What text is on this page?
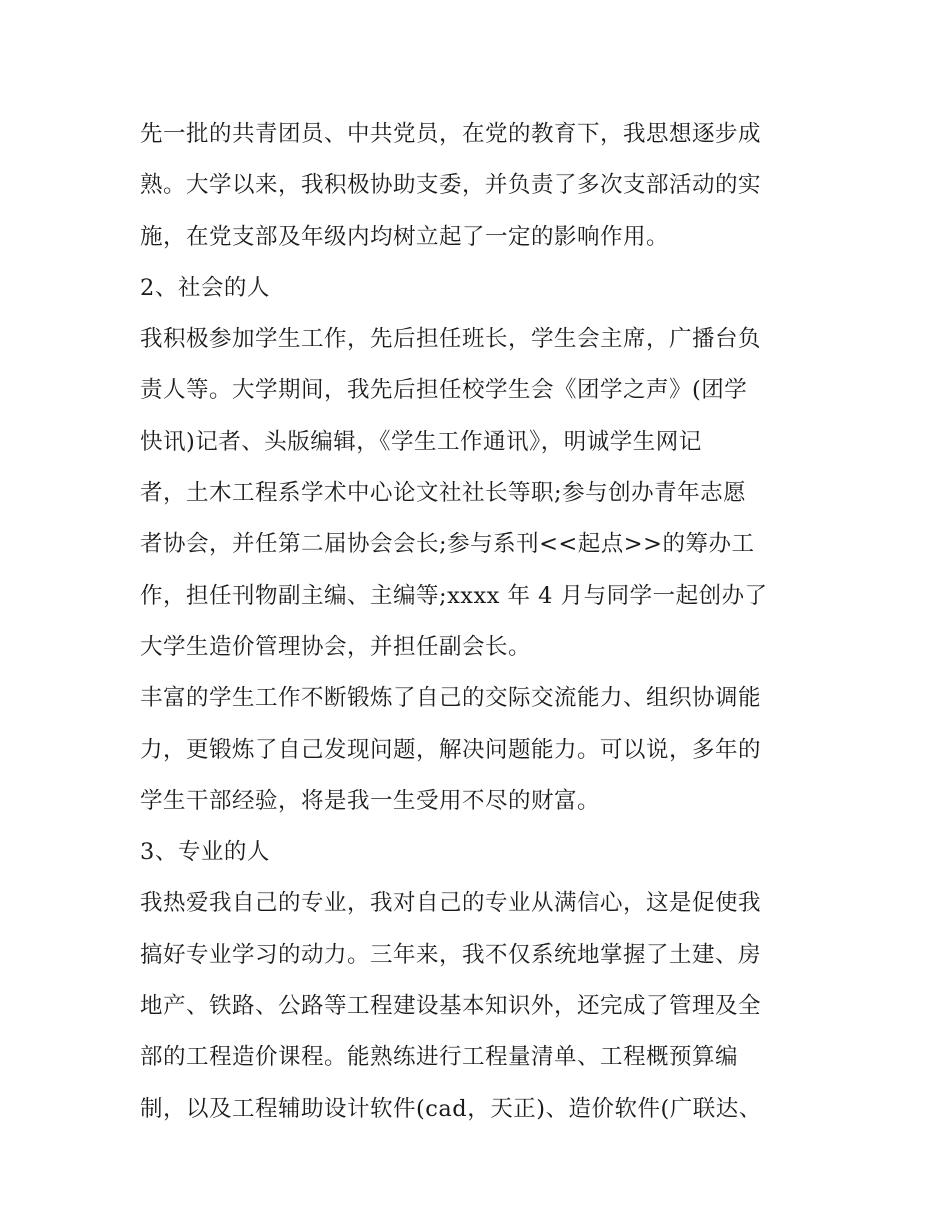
先一批的共青团员、中共党员，在党的教育下，我思想逐步成
熟。大学以来，我积极协助支委，并负责了多次支部活动的实
施，在党支部及年级内均树立起了一定的影响作用。
2、社会的人
我积极参加学生工作，先后担任班长，学生会主席，广播台负
责人等。大学期间，我先后担任校学生会《团学之声》(团学
快讯)记者、头版编辑，《学生工作通讯》，明诚学生网记
者，土木工程系学术中心论文社社长等职;参与创办青年志愿
者协会，并任第二届协会会长;参与系刊<<起点>>的筹办工
作，担任刊物副主编、主编等;xxxx 年 4 月与同学一起创办了
大学生造价管理协会，并担任副会长。
丰富的学生工作不断锻炼了自己的交际交流能力、组织协调能
力，更锻炼了自己发现问题，解决问题能力。可以说，多年的
学生干部经验，将是我一生受用不尽的财富。
3、专业的人
我热爱我自己的专业，我对自己的专业从满信心，这是促使我
搞好专业学习的动力。三年来，我不仅系统地掌握了土建、房
地产、铁路、公路等工程建设基本知识外，还完成了管理及全
部的工程造价课程。能熟练进行工程量清单、工程概预算编
制，以及工程辅助设计软件(cad，天正)、造价软件(广联达、
